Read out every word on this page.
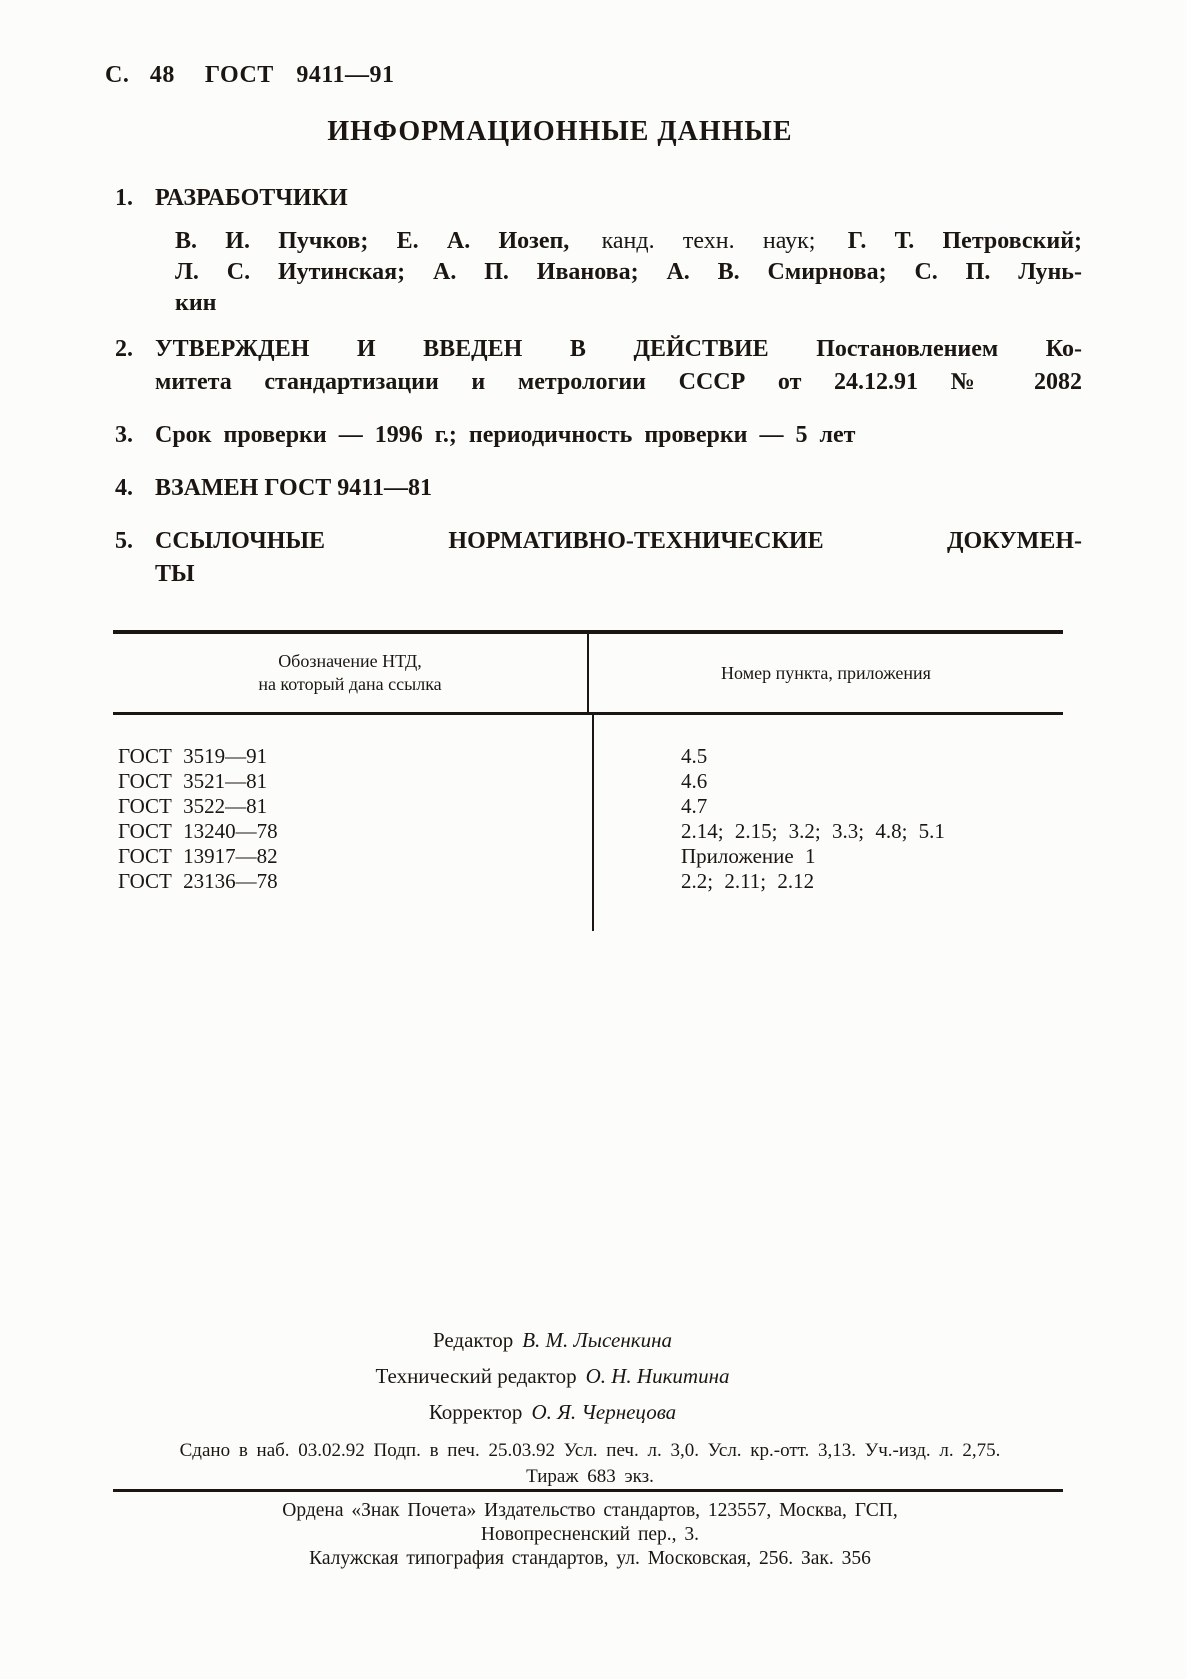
С. 48 ГОСТ 9411—91
ИНФОРМАЦИОННЫЕ ДАННЫЕ
1. РАЗРАБОТЧИКИ
В. И. Пучков; Е. А. Иозеп, канд. техн. наук; Г. Т. Петровский;
Л. С. Иутинская; А. П. Иванова; А. В. Смирнова; С. П. Лунь-
кин
2. УТВЕРЖДЕН И ВВЕДЕН В ДЕЙСТВИЕ Постановлением Ко-
митета стандартизации и метрологии СССР от 24.12.91 № 2082
3. Срок проверки — 1996 г.; периодичность проверки — 5 лет
4. ВЗАМЕН ГОСТ 9411—81
5. ССЫЛОЧНЫЕ НОРМАТИВНО-ТЕХНИЧЕСКИЕ ДОКУМЕН-
ТЫ
Обозначение НТД,
на который дана ссылка
Номер пункта, приложения
ГОСТ 3519—91
ГОСТ 3521—81
ГОСТ 3522—81
ГОСТ 13240—78
ГОСТ 13917—82
ГОСТ 23136—78
4.5
4.6
4.7
2.14; 2.15; 3.2; 3.3; 4.8; 5.1
Приложение 1
2.2; 2.11; 2.12
Редактор В. М. Лысенкина
Технический редактор О. Н. Никитина
Корректор О. Я. Чернецова
Сдано в наб. 03.02.92 Подп. в печ. 25.03.92 Усл. печ. л. 3,0. Усл. кр.-отт. 3,13. Уч.-изд. л. 2,75.
Тираж 683 экз.
Ордена «Знак Почета» Издательство стандартов, 123557, Москва, ГСП,
Новопресненский пер., 3.
Калужская типография стандартов, ул. Московская, 256. Зак. 356
